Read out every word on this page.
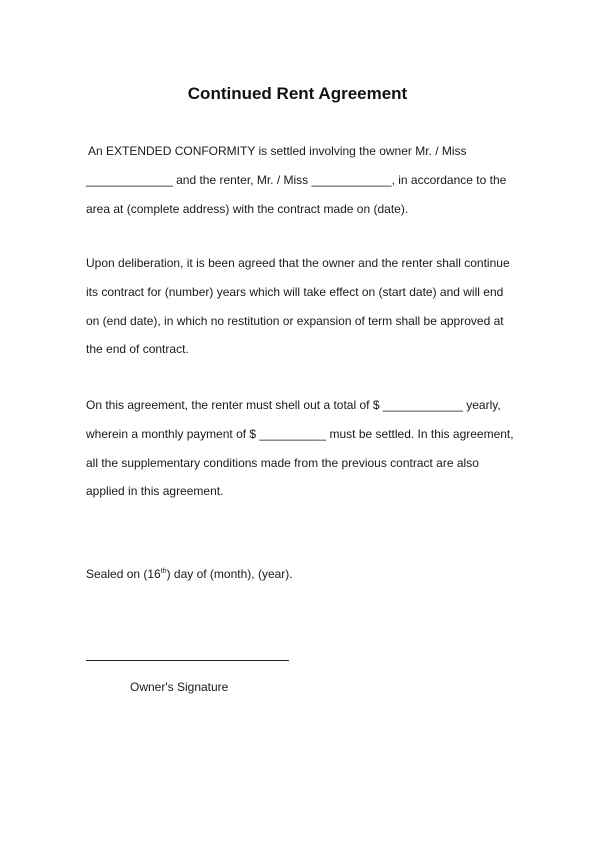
Continued Rent Agreement
An EXTENDED CONFORMITY is settled involving the owner Mr. / Miss
_____________ and the renter, Mr. / Miss ____________, in accordance to the
area at (complete address) with the contract made on (date).
Upon deliberation, it is been agreed that the owner and the renter shall continue
its contract for (number) years which will take effect on (start date) and will end
on (end date), in which no restitution or expansion of term shall be approved at
the end of contract.
On this agreement, the renter must shell out a total of $ ____________ yearly,
wherein a monthly payment of $ __________ must be settled. In this agreement,
all the supplementary conditions made from the previous contract are also
applied in this agreement.
Sealed on (16th) day of (month), (year).
Owner's Signature
